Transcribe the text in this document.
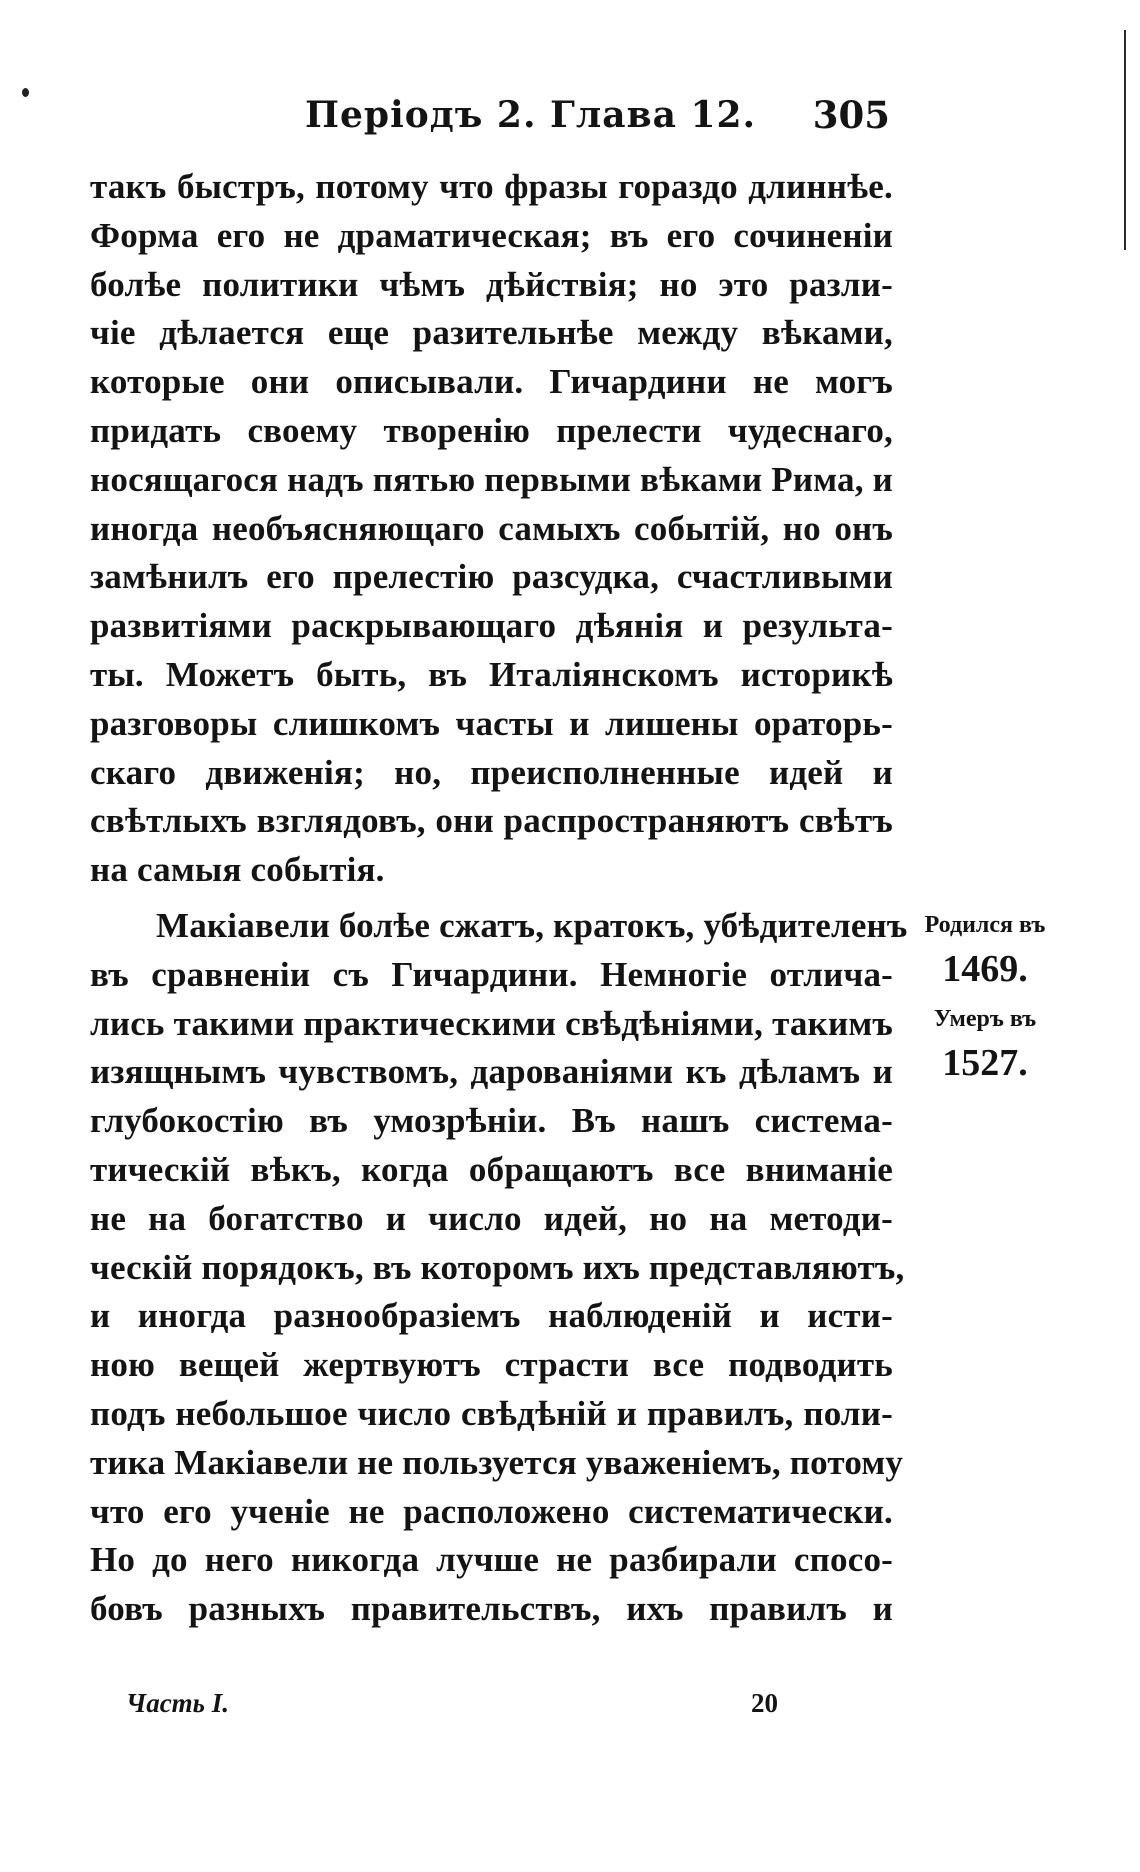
Періодъ 2. Глава 12. 305
такъ быстръ, потому что фразы гораздо длиннѣе.
Форма его не драматическая; въ его сочиненіи
болѣе политики чѣмъ дѣйствія; но это разли-
чіе дѣлается еще разительнѣе между вѣками,
которые они описывали. Гичардини не могъ
придать своему творенію прелести чудеснаго,
носящагося надъ пятью первыми вѣками Рима, и
иногда необъясняющаго самыхъ событій, но онъ
замѣнилъ его прелестію разсудка, счастливыми
развитіями раскрывающаго дѣянія и результа-
ты. Можетъ быть, въ Италіянскомъ историкѣ
разговоры слишкомъ часты и лишены ораторь-
скаго движенія; но, преисполненные идей и
свѣтлыхъ взглядовъ, они распространяютъ свѣтъ
на самыя событія.
Макіавели болѣе сжатъ, кратокъ, убѣдителенъ
въ сравненіи съ Гичардини. Немногіе отлича-
лись такими практическими свѣдѣніями, такимъ
изящнымъ чувствомъ, дарованіями къ дѣламъ и
глубокостію въ умозрѣніи. Въ нашъ система-
тическій вѣкъ, когда обращаютъ все вниманіе
не на богатство и число идей, но на методи-
ческій порядокъ, въ которомъ ихъ представляютъ,
и иногда разнообразіемъ наблюденій и исти-
ною вещей жертвуютъ страсти все подводить
подъ небольшое число свѣдѣній и правилъ, поли-
тика Макіавели не пользуется уваженіемъ, потому
что его ученіе не расположено систематически.
Но до него никогда лучше не разбирали спосо-
бовъ разныхъ правительствъ, ихъ правилъ и
Родился въ
1469.
Умеръ въ
1527.
Часть I.	20
